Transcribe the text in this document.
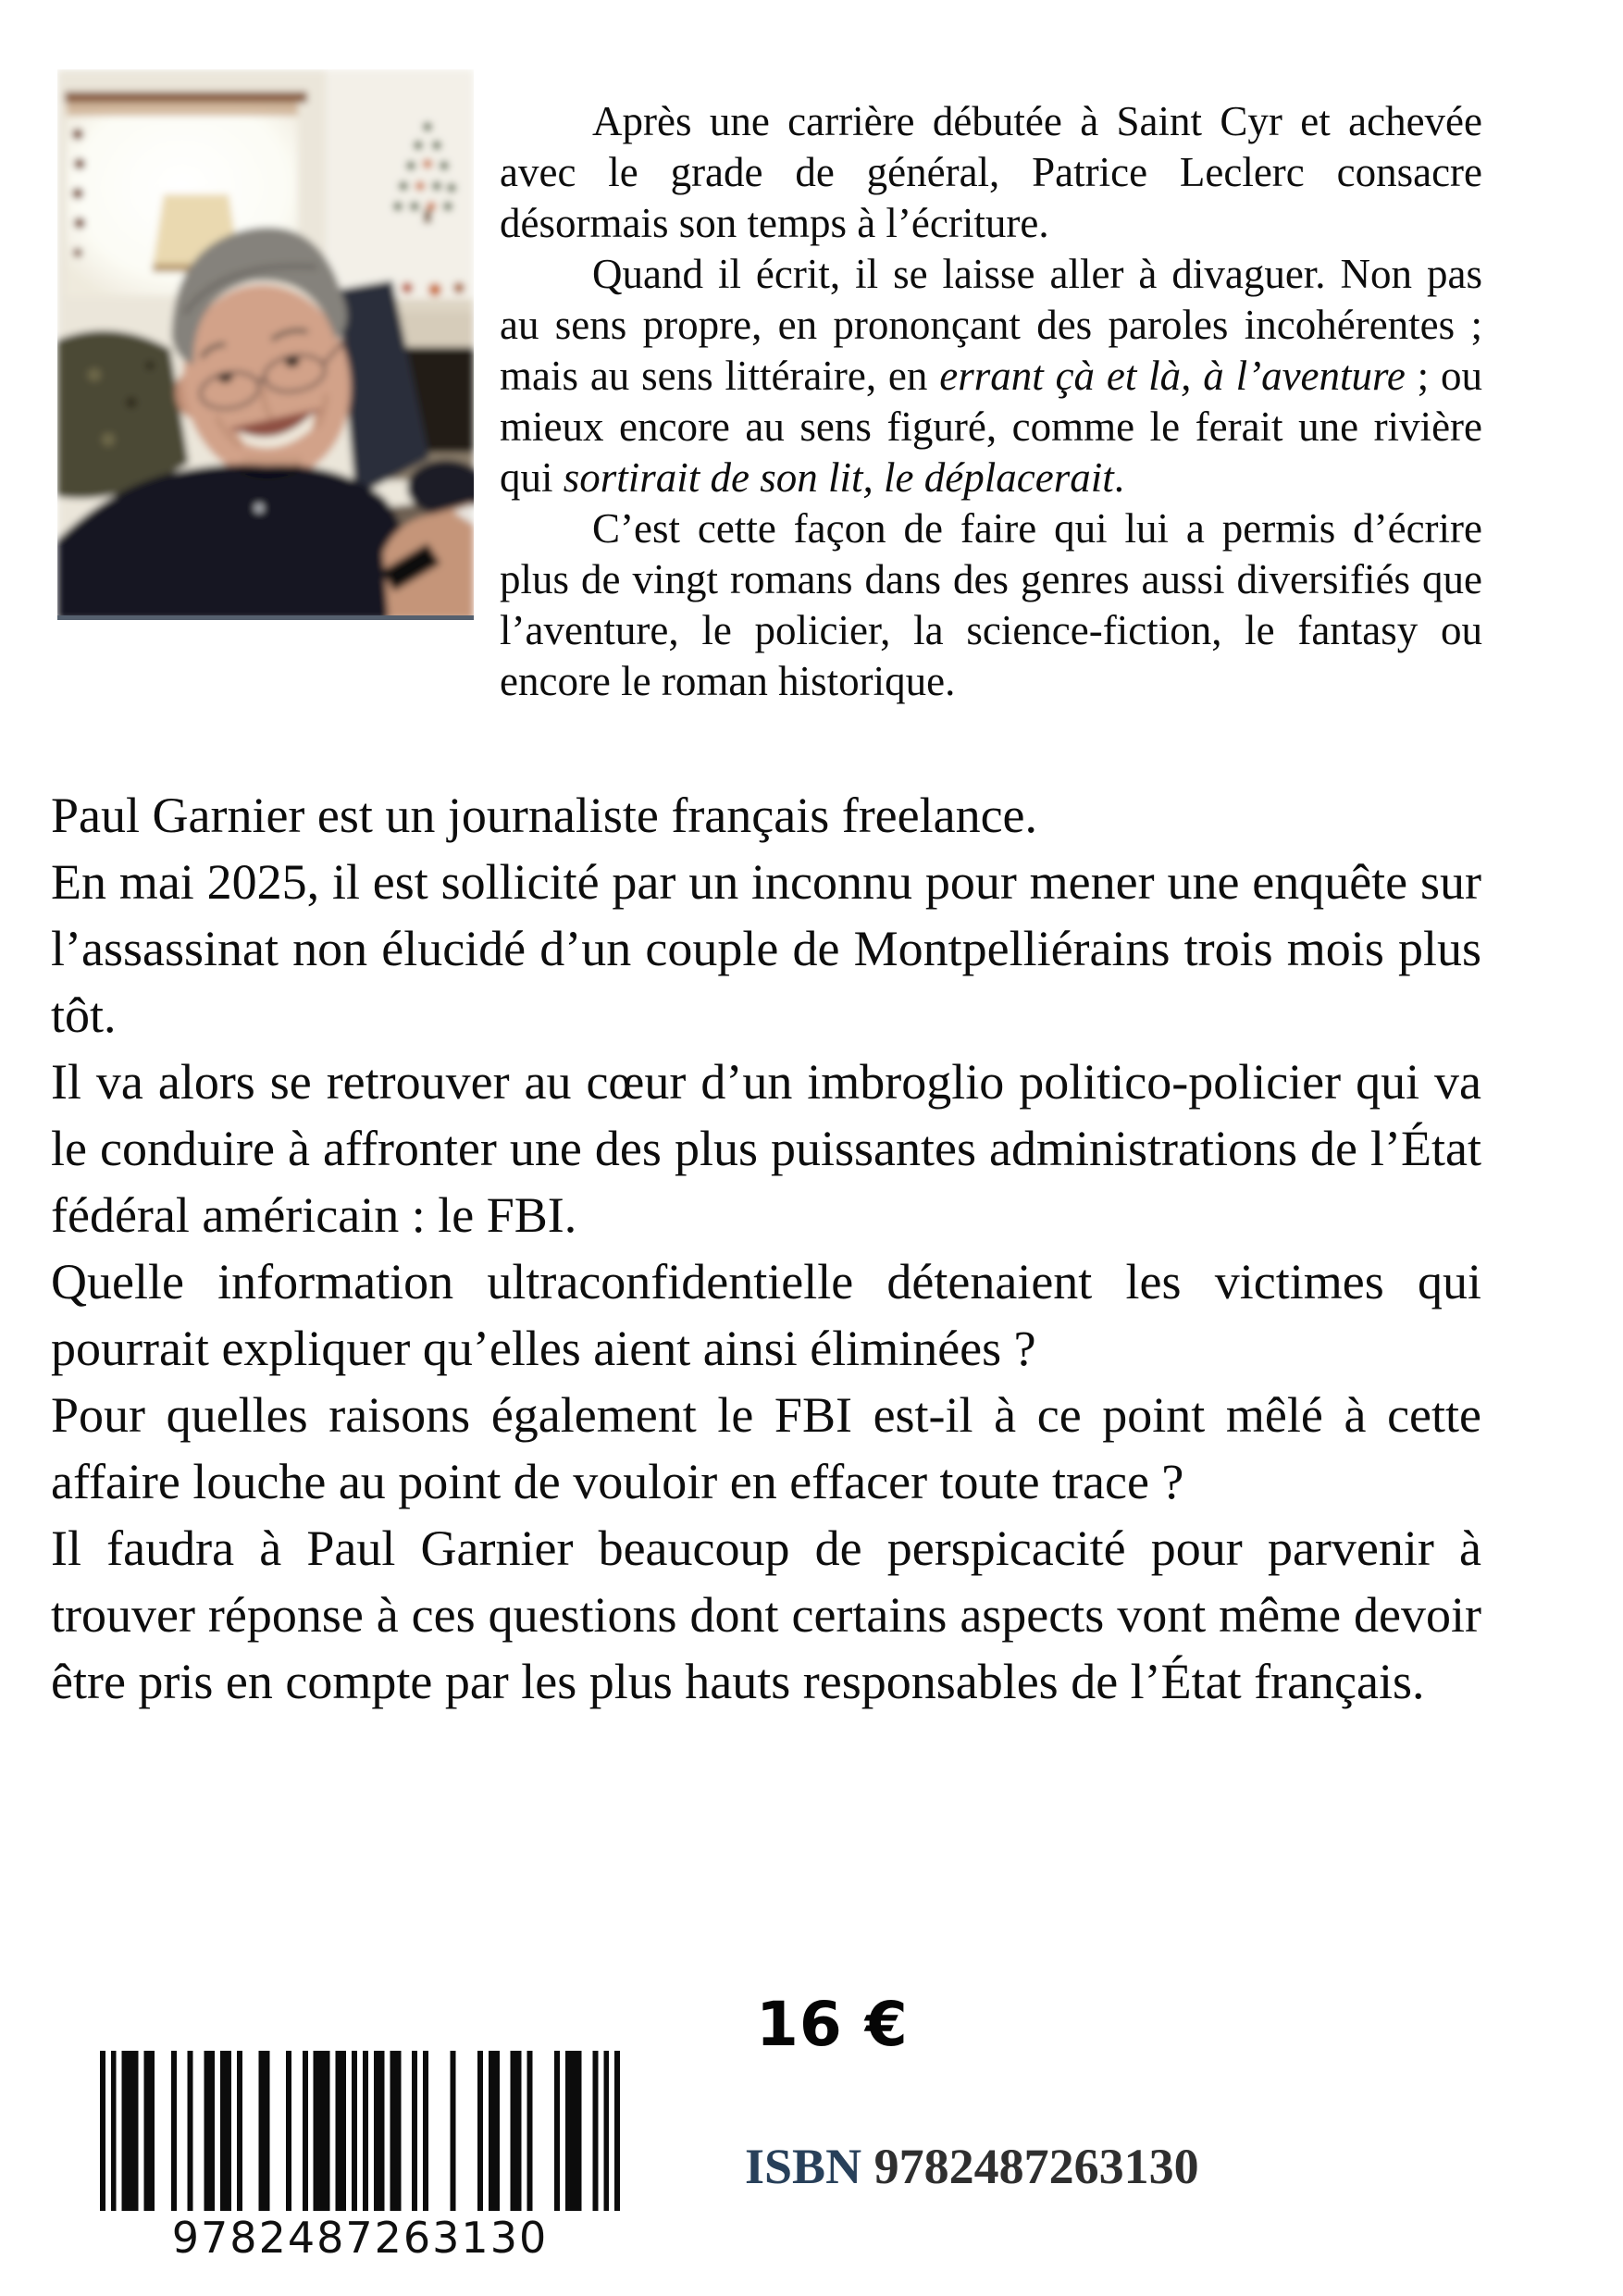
Après une carrière débutée à Saint Cyr et achevée avec le grade de général, Patrice Leclerc consacre désormais son temps à l’écriture.

Quand il écrit, il se laisse aller à divaguer. Non pas au sens propre, en prononçant des paroles incohérentes ; mais au sens littéraire, en errant çà et là, à l’aventure ; ou mieux encore au sens figuré, comme le ferait une rivière qui sortirait de son lit, le déplacerait.

C’est cette façon de faire qui lui a permis d’écrire plus de vingt romans dans des genres aussi diversifiés que l’aventure, le policier, la science-fiction, le fantasy ou encore le roman historique.

Paul Garnier est un journaliste français freelance.

En mai 2025, il est sollicité par un inconnu pour mener une enquête sur l’assassinat non élucidé d’un couple de Montpelliérains trois mois plus tôt.

Il va alors se retrouver au cœur d’un imbroglio politico-policier qui va le conduire à affronter une des plus puissantes administrations de l’État fédéral américain : le FBI.

Quelle information ultraconfidentielle détenaient les victimes qui pourrait expliquer qu’elles aient ainsi éliminées ?

Pour quelles raisons également le FBI est-il à ce point mêlé à cette affaire louche au point de vouloir en effacer toute trace ?

Il faudra à Paul Garnier beaucoup de perspicacité pour parvenir à trouver réponse à ces questions dont certains aspects vont même devoir être pris en compte par les plus hauts responsables de l’État français.

9782487263130
16 €
ISBN 9782487263130
